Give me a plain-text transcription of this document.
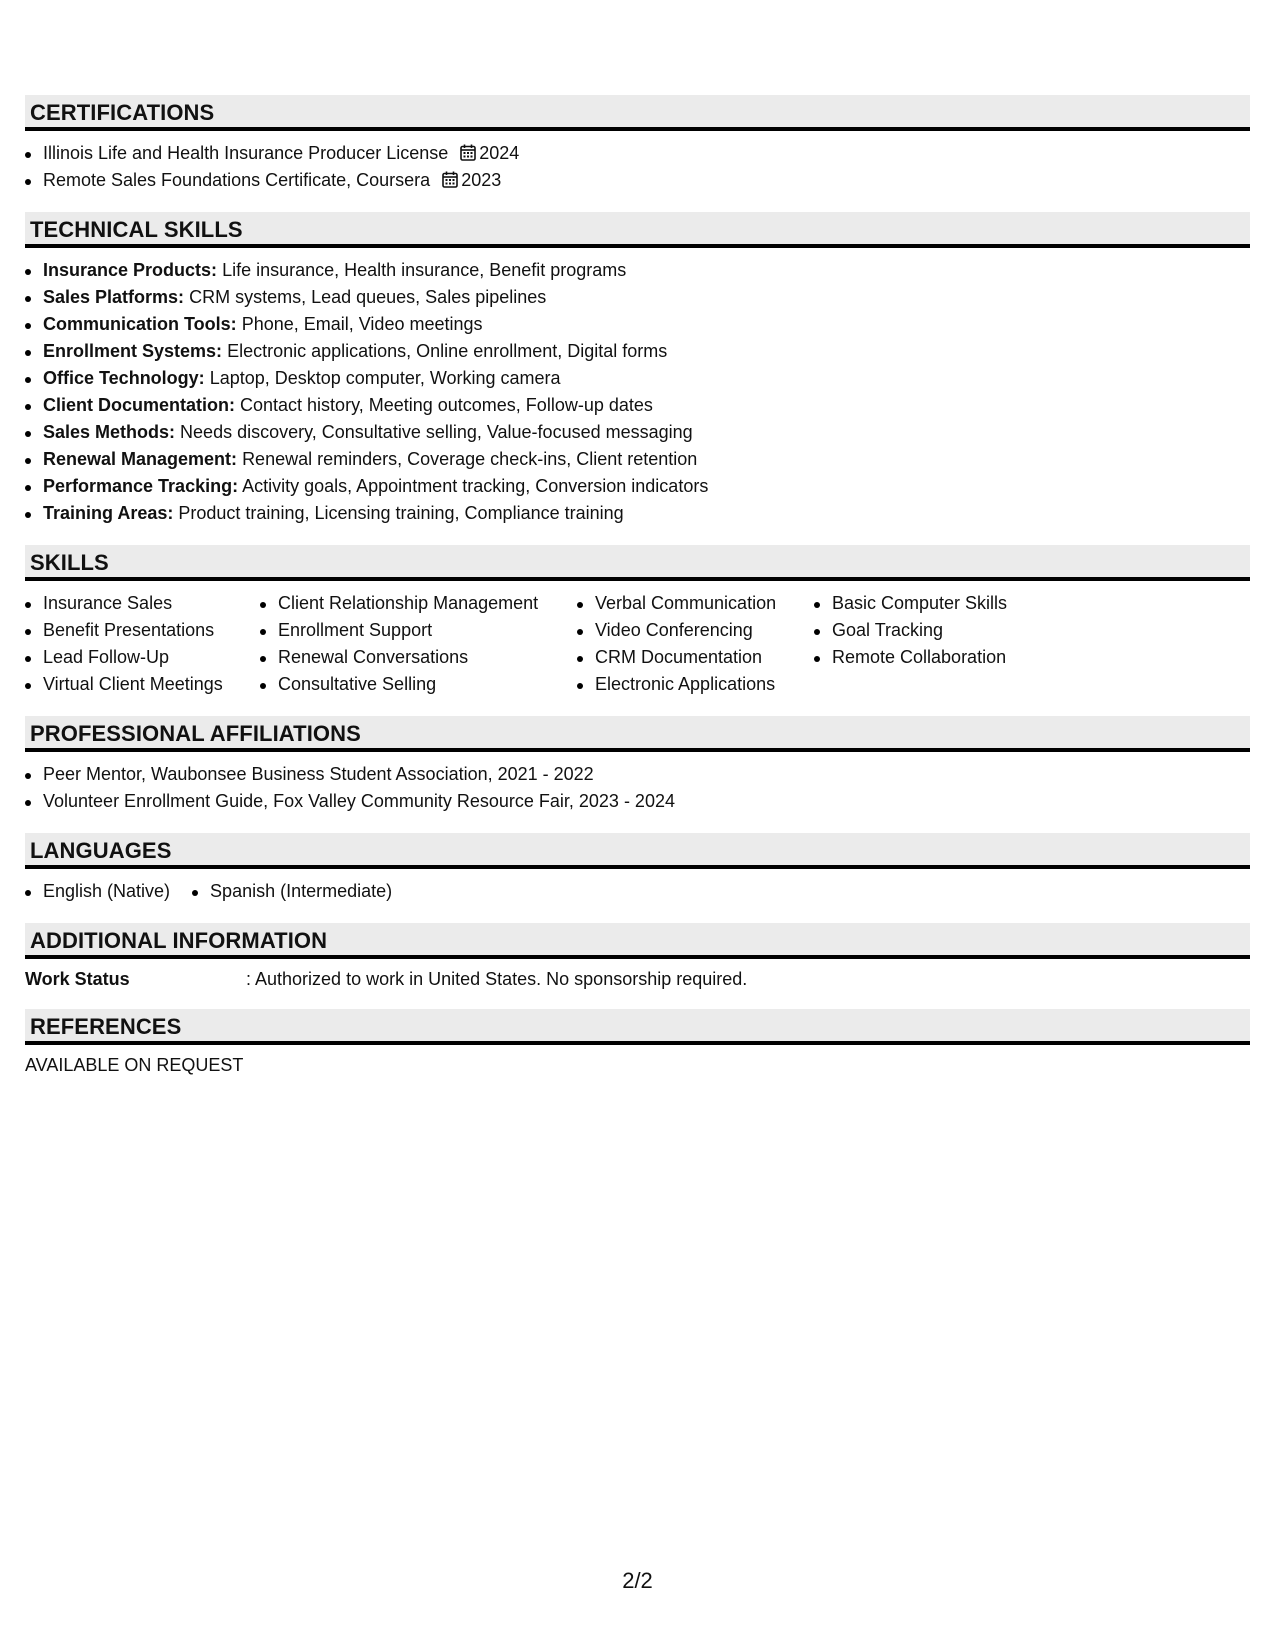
CERTIFICATIONS
Illinois Life and Health Insurance Producer License 2024
Remote Sales Foundations Certificate, Coursera 2023
TECHNICAL SKILLS
Insurance Products: Life insurance, Health insurance, Benefit programs
Sales Platforms: CRM systems, Lead queues, Sales pipelines
Communication Tools: Phone, Email, Video meetings
Enrollment Systems: Electronic applications, Online enrollment, Digital forms
Office Technology: Laptop, Desktop computer, Working camera
Client Documentation: Contact history, Meeting outcomes, Follow-up dates
Sales Methods: Needs discovery, Consultative selling, Value-focused messaging
Renewal Management: Renewal reminders, Coverage check-ins, Client retention
Performance Tracking: Activity goals, Appointment tracking, Conversion indicators
Training Areas: Product training, Licensing training, Compliance training
SKILLS
Insurance Sales
Benefit Presentations
Lead Follow-Up
Virtual Client Meetings
Client Relationship Management
Enrollment Support
Renewal Conversations
Consultative Selling
Verbal Communication
Video Conferencing
CRM Documentation
Electronic Applications
Basic Computer Skills
Goal Tracking
Remote Collaboration
PROFESSIONAL AFFILIATIONS
Peer Mentor, Waubonsee Business Student Association, 2021 - 2022
Volunteer Enrollment Guide, Fox Valley Community Resource Fair, 2023 - 2024
LANGUAGES
English (Native)	Spanish (Intermediate)
ADDITIONAL INFORMATION
Work Status	: Authorized to work in United States. No sponsorship required.
REFERENCES
AVAILABLE ON REQUEST
2/2
